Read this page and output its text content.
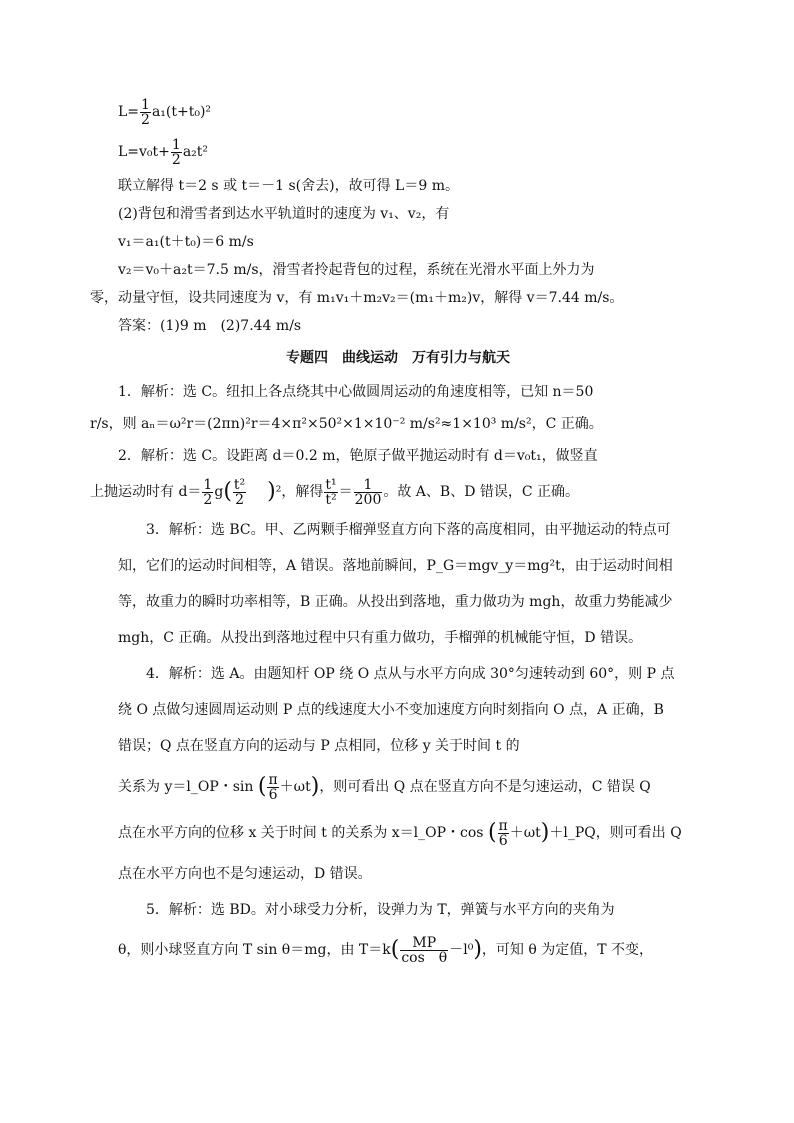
$L= \frac{1}{2} a_1(t+t_0)^2$

$L=v_0t+ \frac{1}{2} a_2t^2$

联立解得 t＝2 s 或 t＝－1 s(舍去)，故可得 L＝9 m。

(2)背包和滑雪者到达水平轨道时的速度为 v₁、v₂，有

v₁＝a₁(t＋t₀)＝6 m/s

v₂＝v₀＋a₂t＝7.5 m/s，滑雪者拎起背包的过程，系统在光滑水平面上外力为

零，动量守恒，设共同速度为 v，有 m₁v₁＋m₂v₂＝(m₁＋m₂)v，解得 v＝7.44 m/s。

答案：(1)9 m　(2)7.44 m/s

专题四　曲线运动　万有引力与航天

1．解析：选 C。纽扣上各点绕其中心做圆周运动的角速度相等，已知 n＝50

r/s，则 aₙ＝ω²r＝(2πn)²r＝4×π²×50²×1×10⁻² m/s²≈1×10³ m/s²，C 正确。

2．解析：选 C。设距离 d＝0.2 m，铯原子做平抛运动时有 d＝v₀t₁，做竖直

上抛运动时有 $d= \frac{1}{2} g( \frac{\text{t²}}{2} )^2$，解得 $\frac{\text{t¹}}{\text{t²}} = \frac{1}{200}$ 。故 A、B、D 错误，C 正确。

3．解析：选 BC。甲、乙两颗手榴弹竖直方向下落的高度相同，由平抛运动的特点可知，它们的运动时间相等，A 错误。落地前瞬间，P_G＝mgv_y＝mg²t，由于运动时间相等，故重力的瞬时功率相等，B 正确。从投出到落地，重力做功为 mgh，故重力势能减少 mgh，C 正确。从投出到落地过程中只有重力做功，手榴弹的机械能守恒，D 错误。

4．解析：选 A。由题知杆 OP 绕 O 点从与水平方向成 30°匀速转动到 60°，则 P 点绕 O 点做匀速圆周运动则 P 点的线速度大小不变加速度方向时刻指向 O 点，A 正确，B 错误；Q 点在竖直方向的运动与 P 点相同，位移 y 关于时间 t 的

关系为 y＝l_OP・sin ( $\frac{\pi}{6} +\omega t$)，则可看出 Q 点在竖直方向不是匀速运动，C 错误 Q

点在水平方向的位移 x 关于时间 t 的关系为 x＝l_OP・cos ( $\frac{\pi}{6}$ ＋ωt)＋l_PQ，则可看出 Q

点在水平方向也不是匀速运动，D 错误。

5．解析：选 BD。对小球受力分析，设弹力为 T，弹簧与水平方向的夹角为

θ，则小球竖直方向 T sin θ＝mg，由 $T=k( \frac{MP}{\text{cos　θ}} -l^0)$，可知 θ 为定值，T 不变，
